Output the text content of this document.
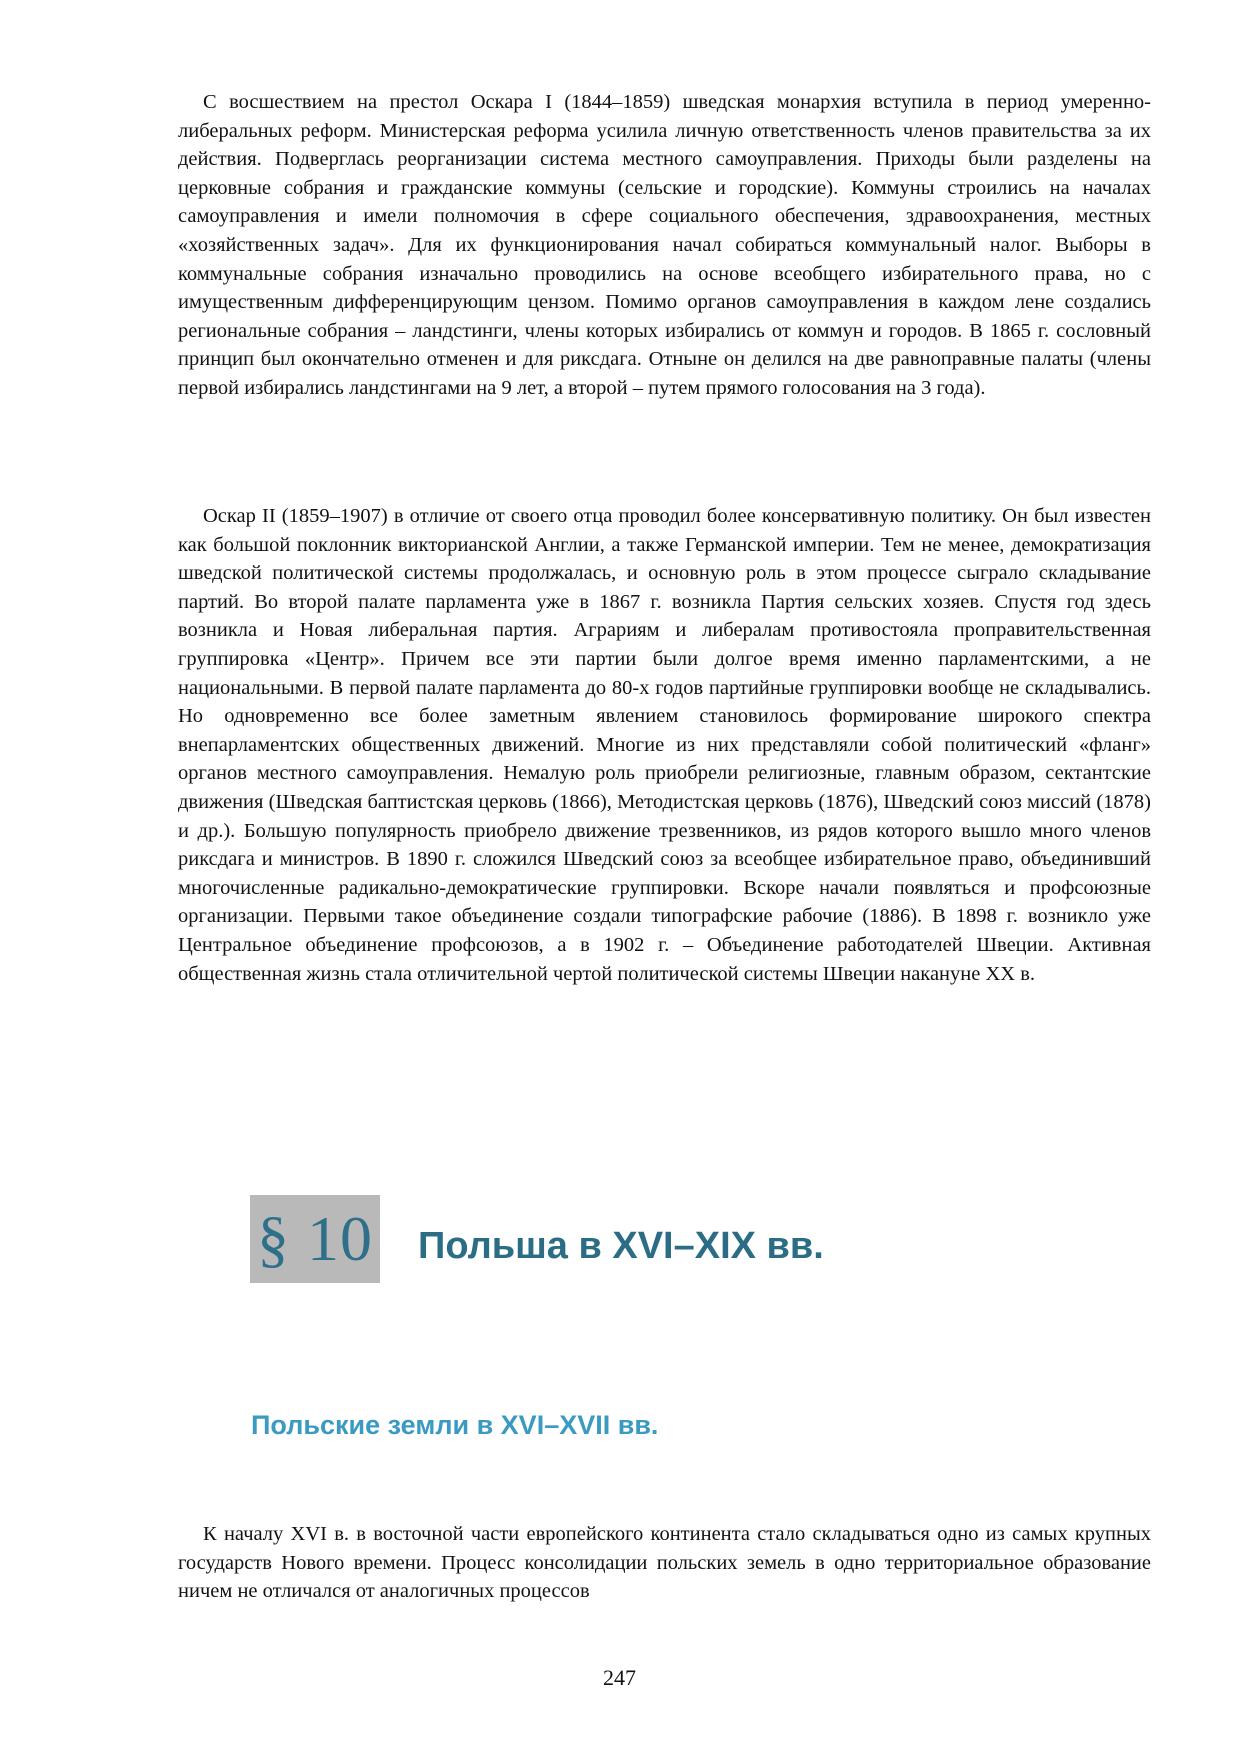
С восшествием на престол Оскара I (1844–1859) шведская монархия вступила в период умеренно-либеральных реформ. Министерская реформа усилила личную ответственность членов правительства за их действия. Подверглась реорганизации система местного самоуправления. Приходы были разделены на церковные собрания и гражданские коммуны (сельские и городские). Коммуны строились на началах самоуправления и имели полномочия в сфере социального обеспечения, здравоохранения, местных «хозяйственных задач». Для их функционирования начал собираться коммунальный налог. Выборы в коммунальные собрания изначально проводились на основе всеобщего избирательного права, но с имущественным дифференцирующим цензом. Помимо органов самоуправления в каждом лене создались региональные собрания – ландстинги, члены которых избирались от коммун и городов. В 1865 г. сословный принцип был окончательно отменен и для риксдага. Отныне он делился на две равноправные палаты (члены первой избирались ландстингами на 9 лет, а второй – путем прямого голосования на 3 года).

Оскар II (1859–1907) в отличие от своего отца проводил более консервативную политику. Он был известен как большой поклонник викторианской Англии, а также Германской империи. Тем не менее, демократизация шведской политической системы продолжалась, и основную роль в этом процессе сыграло складывание партий. Во второй палате парламента уже в 1867 г. возникла Партия сельских хозяев. Спустя год здесь возникла и Новая либеральная партия. Аграриям и либералам противостояла проправительственная группировка «Центр». Причем все эти партии были долгое время именно парламентскими, а не национальными. В первой палате парламента до 80-х годов партийные группировки вообще не складывались. Но одновременно все более заметным явлением становилось формирование широкого спектра внепарламентских общественных движений. Многие из них представляли собой политический «фланг» органов местного самоуправления. Немалую роль приобрели религиозные, главным образом, сектантские движения (Шведская баптистская церковь (1866), Методистская церковь (1876), Шведский союз миссий (1878) и др.). Большую популярность приобрело движение трезвенников, из рядов которого вышло много членов риксдага и министров. В 1890 г. сложился Шведский союз за всеобщее избирательное право, объединивший многочисленные радикально-демократические группировки. Вскоре начали появляться и профсоюзные организации. Первыми такое объединение создали типографские рабочие (1886). В 1898 г. возникло уже Центральное объединение профсоюзов, а в 1902 г. – Объединение работодателей Швеции. Активная общественная жизнь стала отличительной чертой политической системы Швеции накануне XX в.

§ 10 Польша в XVI–XIX вв.
Польские земли в XVI–XVII вв.

К началу XVI в. в восточной части европейского континента стало складываться одно из самых крупных государств Нового времени. Процесс консолидации польских земель в одно территориальное образование ничем не отличался от аналогичных процессов

247
